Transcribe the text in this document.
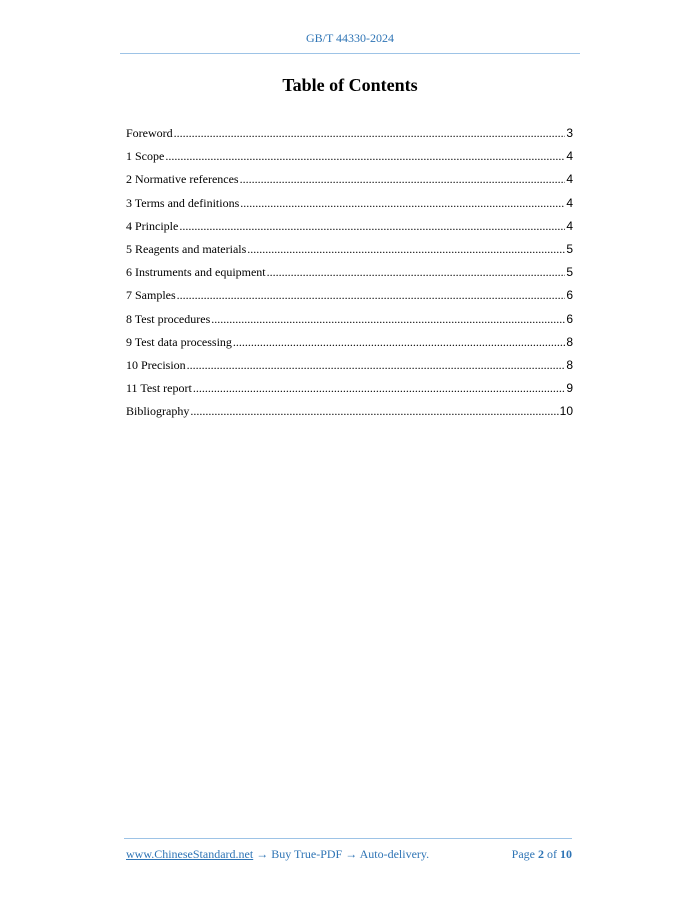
GB/T 44330-2024
Table of Contents
Foreword .....	3
1 Scope .....	4
2 Normative references .....	4
3 Terms and definitions .....	4
4 Principle .....	4
5 Reagents and materials .....	5
6 Instruments and equipment .....	5
7 Samples .....	6
8 Test procedures .....	6
9 Test data processing .....	8
10 Precision .....	8
11 Test report .....	9
Bibliography .....	10
www.ChineseStandard.net → Buy True-PDF → Auto-delivery.	Page 2 of 10
